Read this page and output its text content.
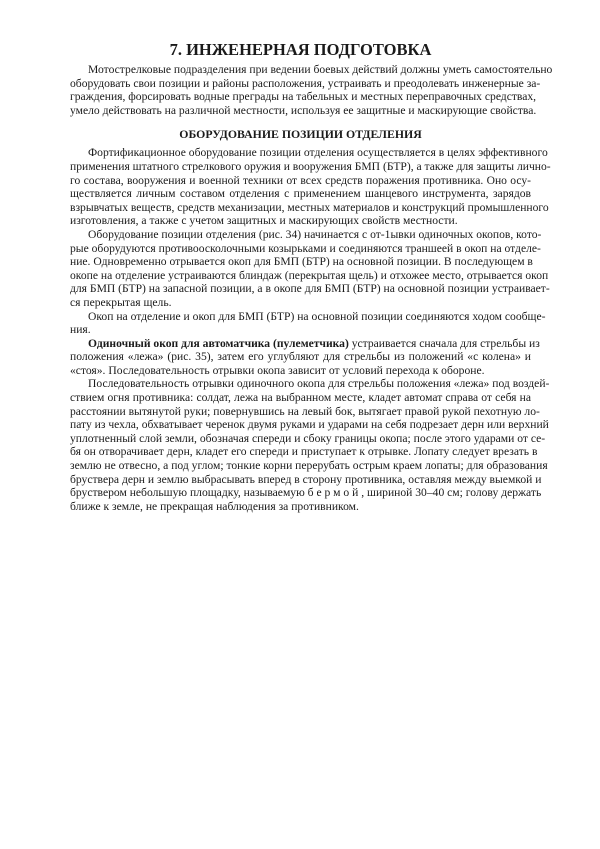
7. ИНЖЕНЕРНАЯ ПОДГОТОВКА
Мотострелковые подразделения при ведении боевых действий должны уметь самостоятельно
оборудовать свои позиции и районы расположения, устраивать и преодолевать инженерные за-
граждения, форсировать водные преграды на табельных и местных переправочных средствах,
умело действовать на различной местности, используя ее защитные и маскирующие свойства.
ОБОРУДОВАНИЕ ПОЗИЦИИ ОТДЕЛЕНИЯ
Фортификационное оборудование позиции отделения осуществляется в целях эффективного
применения штатного стрелкового оружия и вооружения БМП (БТР), а также для защиты лично-
го состава, вооружения и военной техники от всех средств поражения противника. Оно осу-
ществляется личным составом отделения с применением шанцевого инструмента, зарядов
взрывчатых веществ, средств механизации, местных материалов и конструкций промышленного
изготовления, а также с учетом защитных и маскирующих свойств местности.
Оборудование позиции отделения (рис. 34) начинается с от-1ывки одиночных окопов, кото-
рые оборудуются противоосколочными козырьками и соединяются траншеей в окоп на отделе-
ние. Одновременно отрывается окоп для БМП (БТР) на основной позиции. В последующем в
окопе на отделение устраиваются блиндаж (перекрытая щель) и отхожее место, отрывается окоп
для БМП (БТР) на запасной позиции, а в окопе для БМП (БТР) на основной позиции устраивает-
ся перекрытая щель.
Окоп на отделение и окоп для БМП (БТР) на основной позиции соединяются ходом сообще-
ния.
Одиночный окоп для автоматчика (пулеметчика) устраивается сначала для стрельбы из
положения «лежа» (рис. 35), затем его углубляют для стрельбы из положений «с колена» и
«стоя». Последовательность отрывки окопа зависит от условий перехода к обороне.
Последовательность отрывки одиночного окопа для стрельбы положения «лежа» под воздей-
ствием огня противника: солдат, лежа на выбранном месте, кладет автомат справа от себя на
расстоянии вытянутой руки; повернувшись на левый бок, вытягает правой рукой пехотную ло-
пату из чехла, обхватывает черенок двумя руками и ударами на себя подрезает дерн или верхний
уплотненный слой земли, обозначая спереди и сбоку границы окопа; после этого ударами от се-
бя он отворачивает дерн, кладет его спереди и приступает к отрывке. Лопату следует врезать в
землю не отвесно, а под углом; тонкие корни перерубать острым краем лопаты; для образования
бруствера дерн и землю выбрасывать вперед в сторону противника, оставляя между выемкой и
бруствером небольшую площадку, называемую б е р м о й , шириной 30–40 см; голову держать
ближе к земле, не прекращая наблюдения за противником.
